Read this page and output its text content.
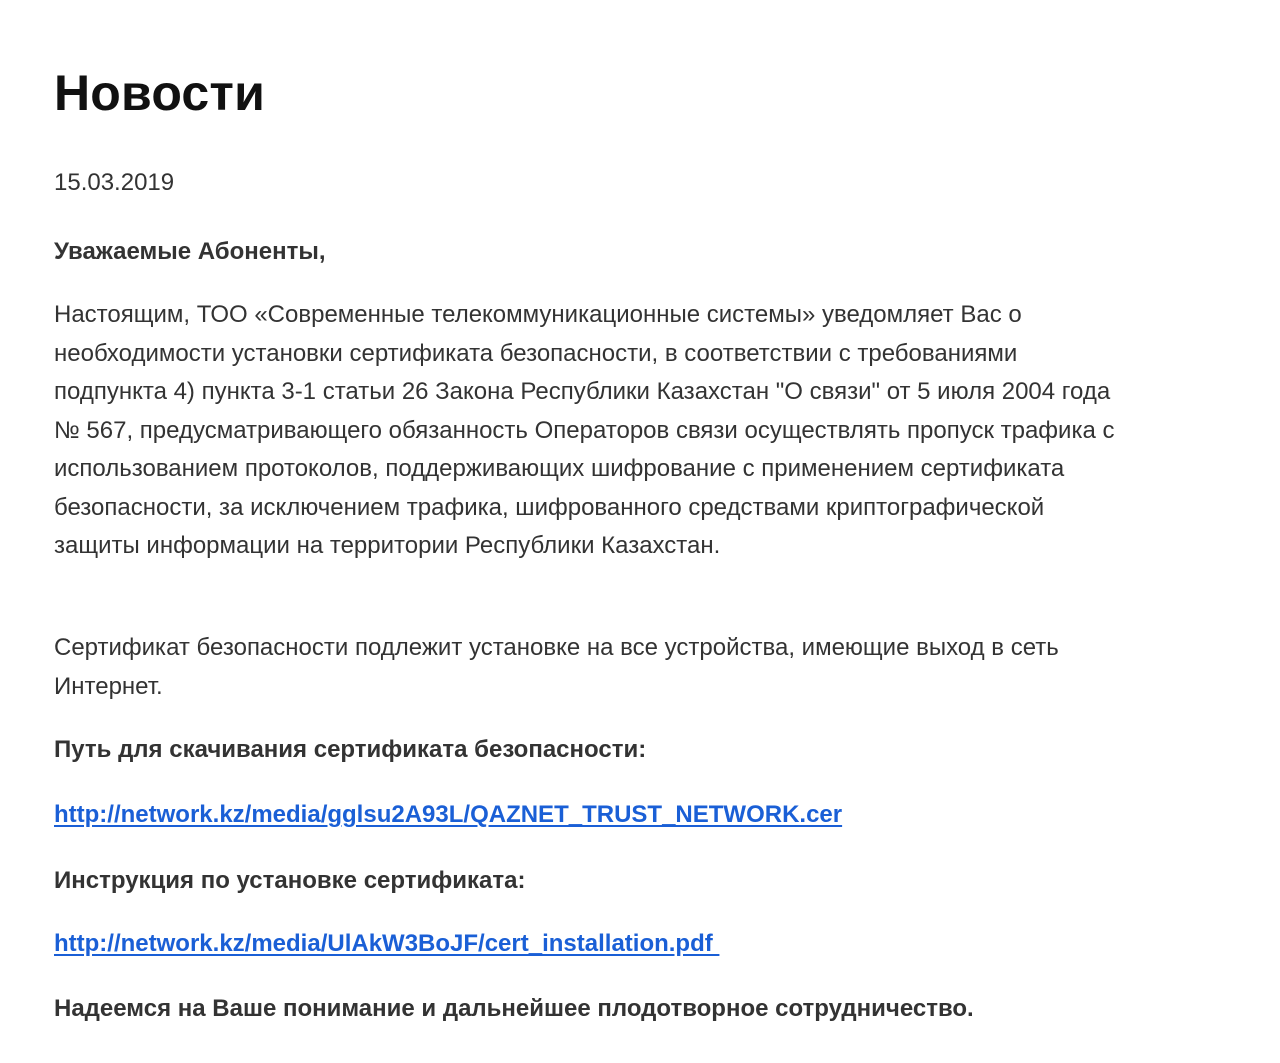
Новости
15.03.2019
Уважаемые Абоненты,

Настоящим, ТОО «Современные телекоммуникационные системы» уведомляет Вас о необходимости установки сертификата безопасности, в соответствии с требованиями подпункта 4) пункта 3-1 статьи 26 Закона Республики Казахстан "О связи" от 5 июля 2004 года № 567, предусматривающего обязанность Операторов связи осуществлять пропуск трафика с использованием протоколов, поддерживающих шифрование с применением сертификата безопасности, за исключением трафика, шифрованного средствами криптографической защиты информации на территории Республики Казахстан.

Сертификат безопасности подлежит установке на все устройства, имеющие выход в сеть Интернет.

Путь для скачивания сертификата безопасности:
http://network.kz/media/gglsu2A93L/QAZNET_TRUST_NETWORK.cer
Инструкция по установке сертификата:
http://network.kz/media/UlAkW3BoJF/cert_installation.pdf
Надеемся на Ваше понимание и дальнейшее плодотворное сотрудничество.
